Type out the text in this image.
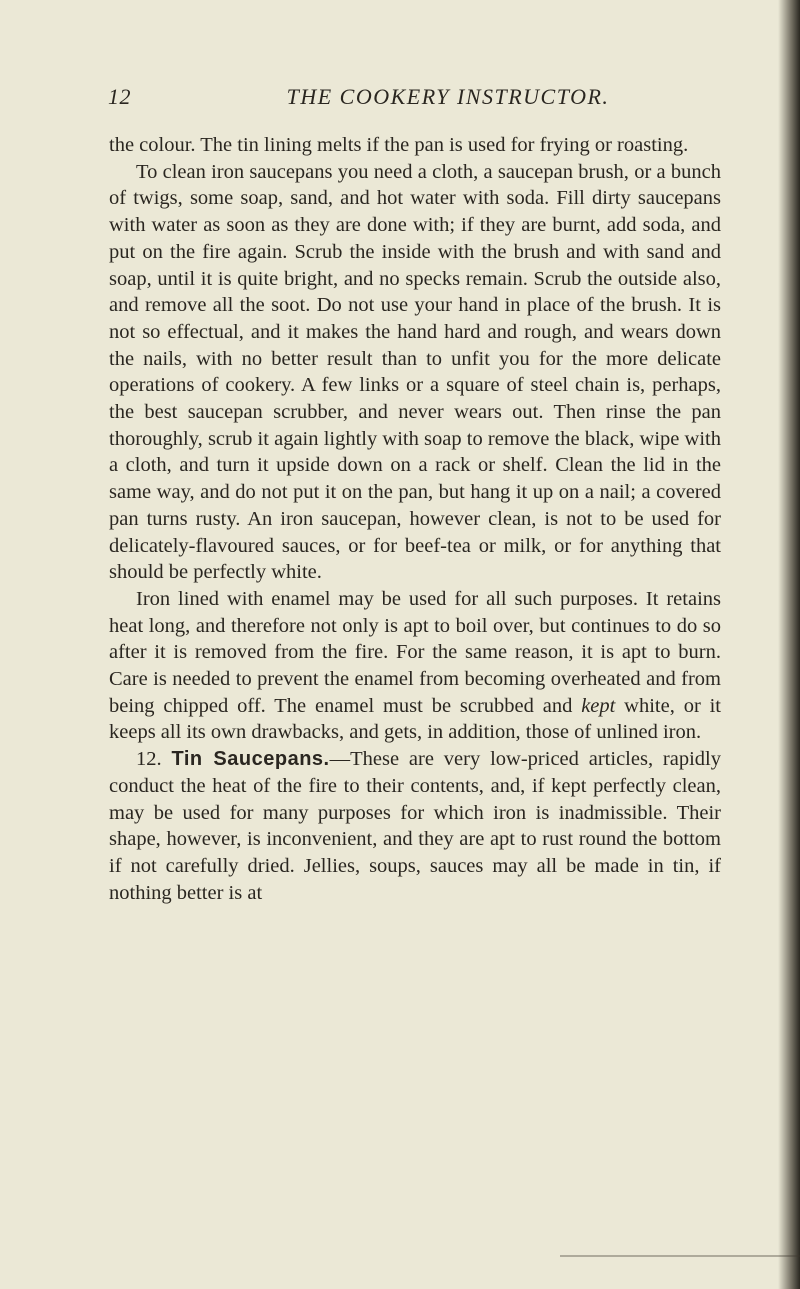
12	THE COOKERY INSTRUCTOR.

the colour. The tin lining melts if the pan is used for frying or roasting.

To clean iron saucepans you need a cloth, a saucepan brush, or a bunch of twigs, some soap, sand, and hot water with soda. Fill dirty saucepans with water as soon as they are done with; if they are burnt, add soda, and put on the fire again. Scrub the inside with the brush and with sand and soap, until it is quite bright, and no specks remain. Scrub the outside also, and remove all the soot. Do not use your hand in place of the brush. It is not so effectual, and it makes the hand hard and rough, and wears down the nails, with no better result than to unfit you for the more delicate operations of cookery. A few links or a square of steel chain is, perhaps, the best saucepan scrubber, and never wears out. Then rinse the pan thoroughly, scrub it again lightly with soap to remove the black, wipe with a cloth, and turn it upside down on a rack or shelf. Clean the lid in the same way, and do not put it on the pan, but hang it up on a nail; a covered pan turns rusty. An iron saucepan, however clean, is not to be used for delicately-flavoured sauces, or for beef-tea or milk, or for anything that should be perfectly white.

Iron lined with enamel may be used for all such purposes. It retains heat long, and therefore not only is apt to boil over, but continues to do so after it is removed from the fire. For the same reason, it is apt to burn. Care is needed to prevent the enamel from becoming overheated and from being chipped off. The enamel must be scrubbed and kept white, or it keeps all its own drawbacks, and gets, in addition, those of unlined iron.

12. Tin Saucepans.—These are very low-priced articles, rapidly conduct the heat of the fire to their contents, and, if kept perfectly clean, may be used for many purposes for which iron is inadmissible. Their shape, however, is inconvenient, and they are apt to rust round the bottom if not carefully dried. Jellies, soups, sauces may all be made in tin, if nothing better is at
